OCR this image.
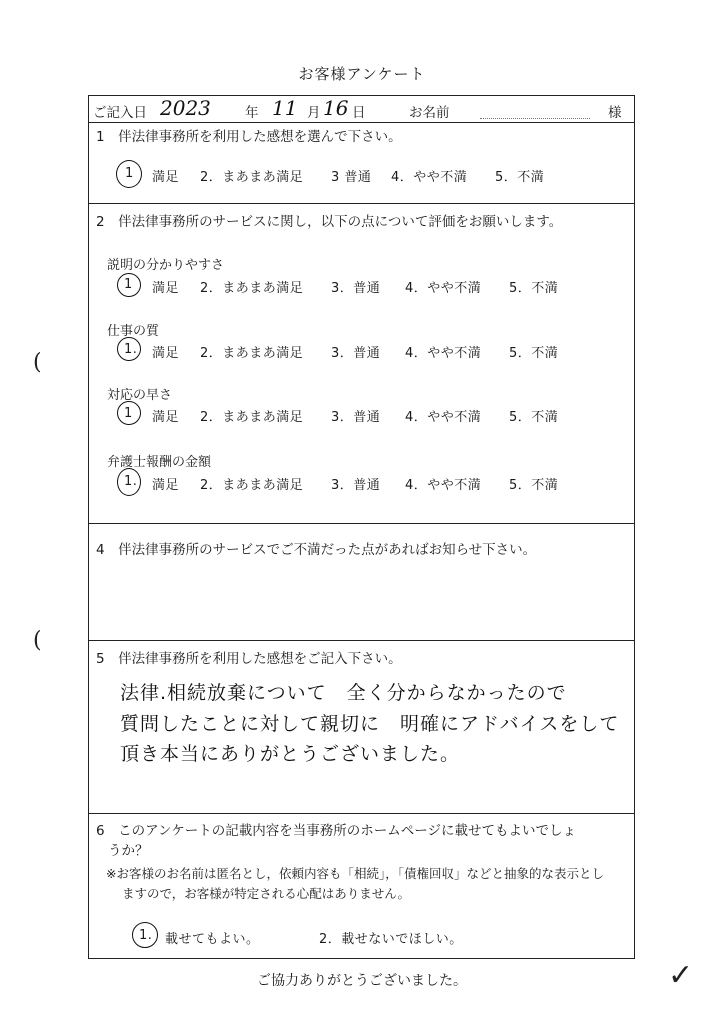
お客様アンケート
ご記入日 2023	年 11 月 16 日	お名前	様
1　伴法律事務所を利用した感想を選んで下さい。
1 満足 2．まあまあ満足 3 普通 4．やや不満 5．不満
2　伴法律事務所のサービスに関し，以下の点について評価をお願いします。
説明の分かりやすさ
1 満足 2．まあまあ満足 3．普通 4．やや不満 5．不満
仕事の質
1. 満足 2．まあまあ満足 3．普通 4．やや不満 5．不満
対応の早さ
1 満足 2．まあまあ満足 3．普通 4．やや不満 5．不満
弁護士報酬の金額
1. 満足 2．まあまあ満足 3．普通 4．やや不満 5．不満
4　伴法律事務所のサービスでご不満だった点があればお知らせ下さい。
5　伴法律事務所を利用した感想をご記入下さい。
法律.相続放棄について　全く分からなかったので
質問したことに対して親切に　明確にアドバイスをして
頂き本当にありがとうございました。
6　このアンケートの記載内容を当事務所のホームページに載せてもよいでしょ
うか？
※お客様のお名前は匿名とし，依頼内容も「相続」，「債権回収」などと抽象的な表示とし
ますので，お客様が特定される心配はありません。
1. 載せてもよい。	2．載せないでほしい。
ご協力ありがとうございました。
(
(
✓
